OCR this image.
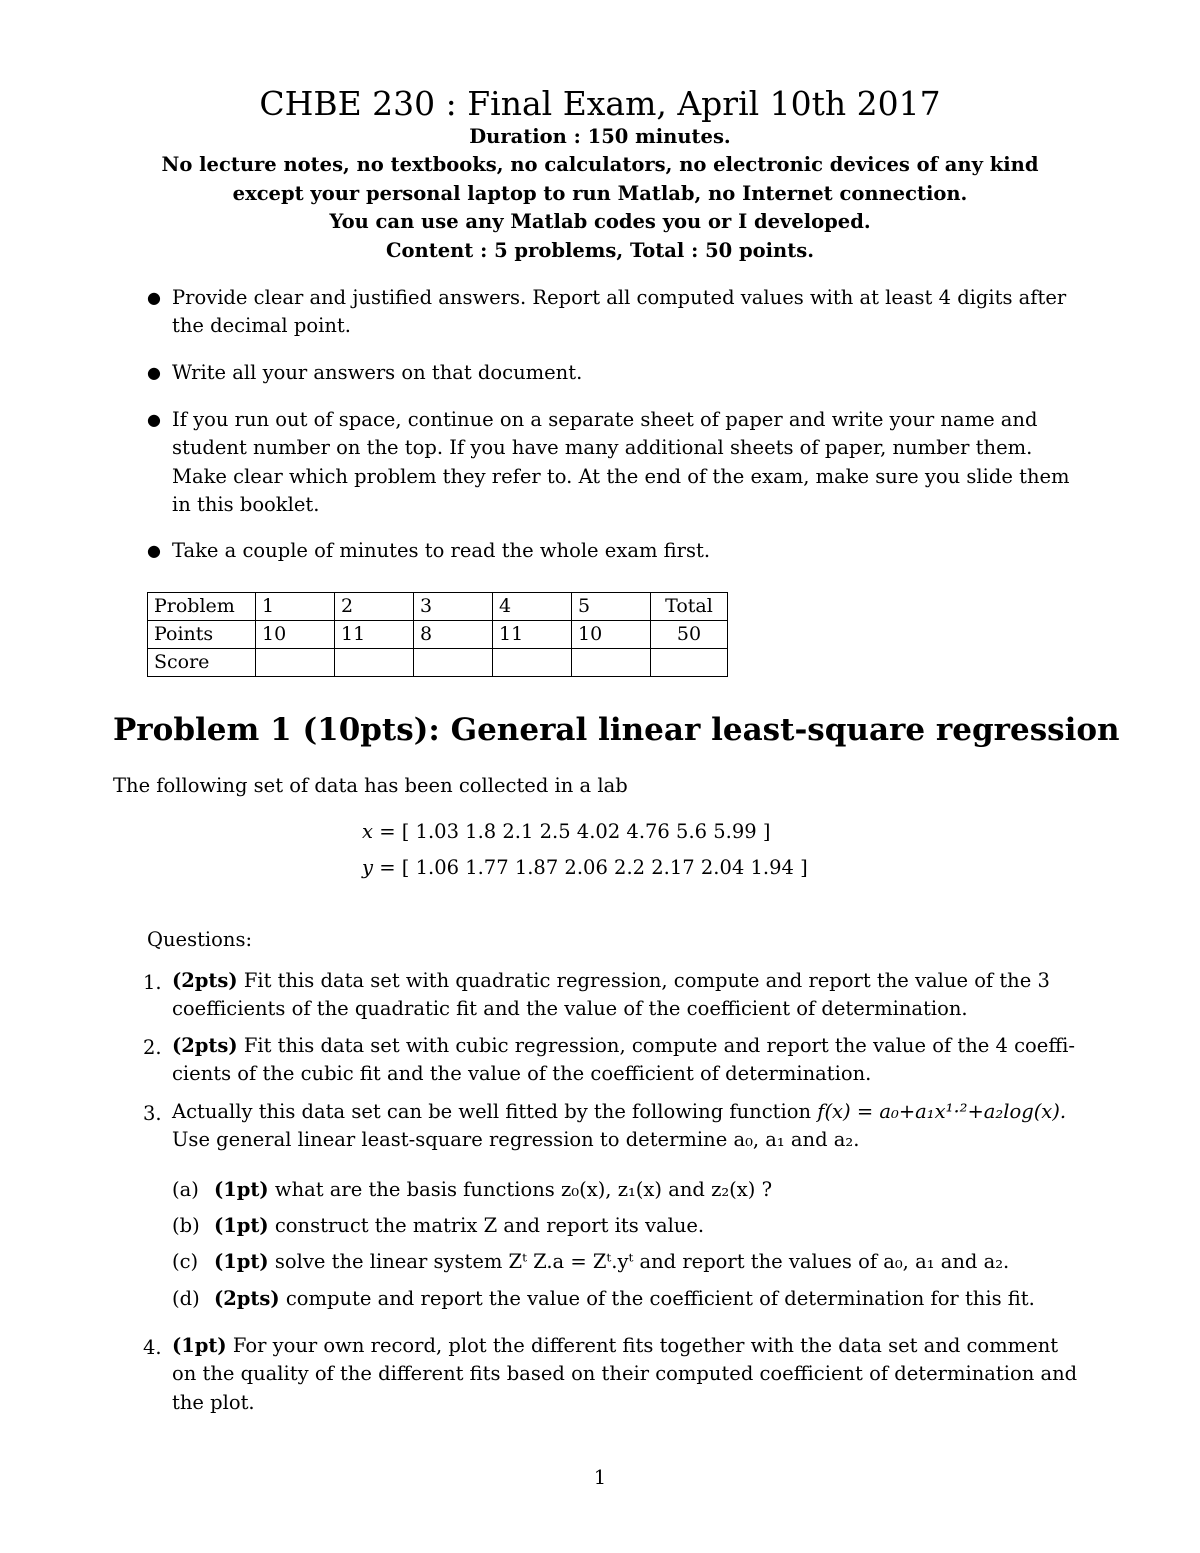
CHBE 230 : Final Exam, April 10th 2017
Duration : 150 minutes.
No lecture notes, no textbooks, no calculators, no electronic devices of any kind
except your personal laptop to run Matlab, no Internet connection.
You can use any Matlab codes you or I developed.
Content : 5 problems, Total : 50 points.
● Provide clear and justified answers. Report all computed values with at least 4 digits after
the decimal point.
● Write all your answers on that document.
● If you run out of space, continue on a separate sheet of paper and write your name and
student number on the top. If you have many additional sheets of paper, number them.
Make clear which problem they refer to. At the end of the exam, make sure you slide them
in this booklet.
● Take a couple of minutes to read the whole exam first.
Problem	1	2	3	4	5	Total
Points	10	11	8	11	10	50
Score						
Problem 1 (10pts): General linear least-square regression
The following set of data has been collected in a lab
x = [ 1.03 1.8 2.1 2.5 4.02 4.76 5.6 5.99 ]
y = [ 1.06 1.77 1.87 2.06 2.2 2.17 2.04 1.94 ]
Questions:
1. (2pts) Fit this data set with quadratic regression, compute and report the value of the 3
coefficients of the quadratic fit and the value of the coefficient of determination.
2. (2pts) Fit this data set with cubic regression, compute and report the value of the 4 coeffi-
cients of the cubic fit and the value of the coefficient of determination.
3. Actually this data set can be well fitted by the following function f(x) = a₀+a₁x¹·²+a₂log(x).
Use general linear least-square regression to determine a₀, a₁ and a₂.
(a) (1pt) what are the basis functions z₀(x), z₁(x) and z₂(x) ?
(b) (1pt) construct the matrix Z and report its value.
(c) (1pt) solve the linear system Zᵗ Z.a = Zᵗ.yᵗ and report the values of a₀, a₁ and a₂.
(d) (2pts) compute and report the value of the coefficient of determination for this fit.
4. (1pt) For your own record, plot the different fits together with the data set and comment
on the quality of the different fits based on their computed coefficient of determination and
the plot.
1
